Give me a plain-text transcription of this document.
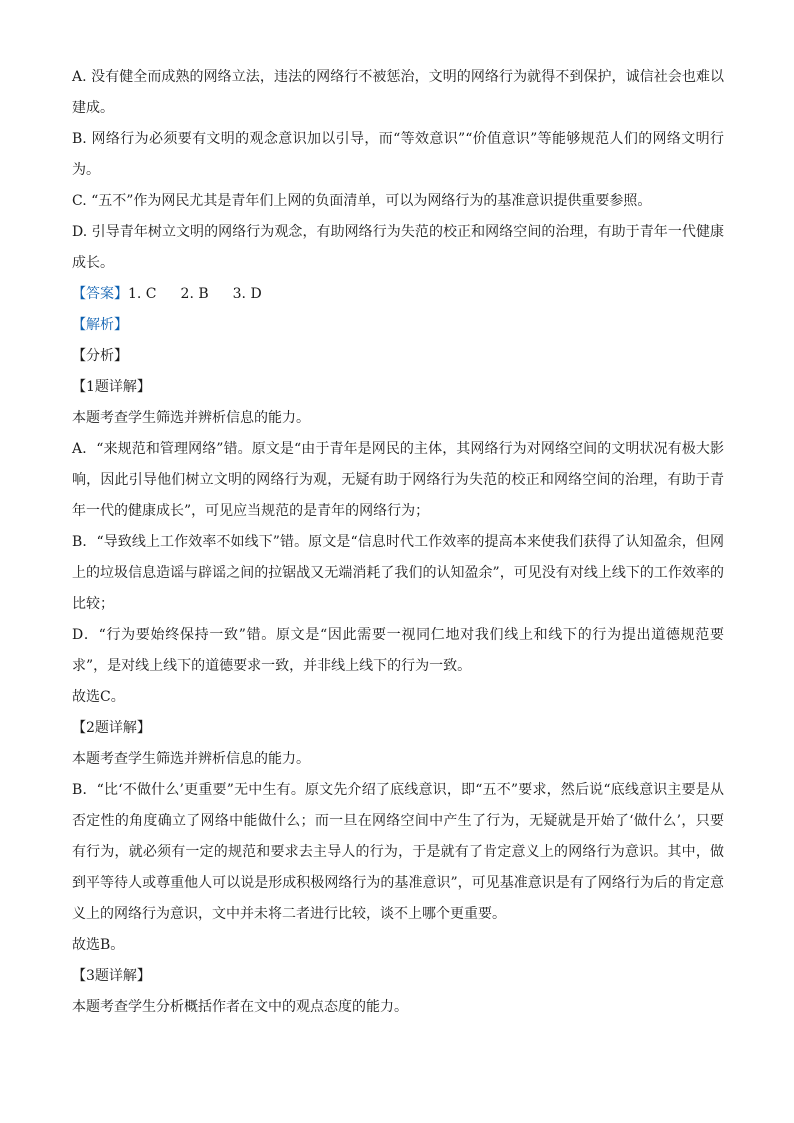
A. 没有健全而成熟的网络立法，违法的网络行不被惩治，文明的网络行为就得不到保护，诚信社会也难以建成。

B. 网络行为必须要有文明的观念意识加以引导，而“等效意识”“价值意识”等能够规范人们的网络文明行为。

C. “五不”作为网民尤其是青年们上网的负面清单，可以为网络行为的基准意识提供重要参照。

D. 引导青年树立文明的网络行为观念，有助网络行为失范的校正和网络空间的治理，有助于青年一代健康成长。

【答案】1. C 2. B 3. D

【解析】

【分析】

【1题详解】

本题考查学生筛选并辨析信息的能力。

A．“来规范和管理网络”错。原文是“由于青年是网民的主体，其网络行为对网络空间的文明状况有极大影响，因此引导他们树立文明的网络行为观，无疑有助于网络行为失范的校正和网络空间的治理，有助于青年一代的健康成长”，可见应当规范的是青年的网络行为；

B．“导致线上工作效率不如线下”错。原文是“信息时代工作效率的提高本来使我们获得了认知盈余，但网上的垃圾信息造谣与辟谣之间的拉锯战又无端消耗了我们的认知盈余”，可见没有对线上线下的工作效率的比较；

D．“行为要始终保持一致”错。原文是“因此需要一视同仁地对我们线上和线下的行为提出道德规范要求”，是对线上线下的道德要求一致，并非线上线下的行为一致。

故选C。

【2题详解】

本题考查学生筛选并辨析信息的能力。

B．“比‘不做什么’更重要”无中生有。原文先介绍了底线意识，即“五不”要求，然后说“底线意识主要是从否定性的角度确立了网络中能做什么；而一旦在网络空间中产生了行为，无疑就是开始了‘做什么’，只要有行为，就必须有一定的规范和要求去主导人的行为，于是就有了肯定意义上的网络行为意识。其中，做到平等待人或尊重他人可以说是形成积极网络行为的基准意识”，可见基准意识是有了网络行为后的肯定意义上的网络行为意识，文中并未将二者进行比较，谈不上哪个更重要。

故选B。

【3题详解】

本题考查学生分析概括作者在文中的观点态度的能力。
